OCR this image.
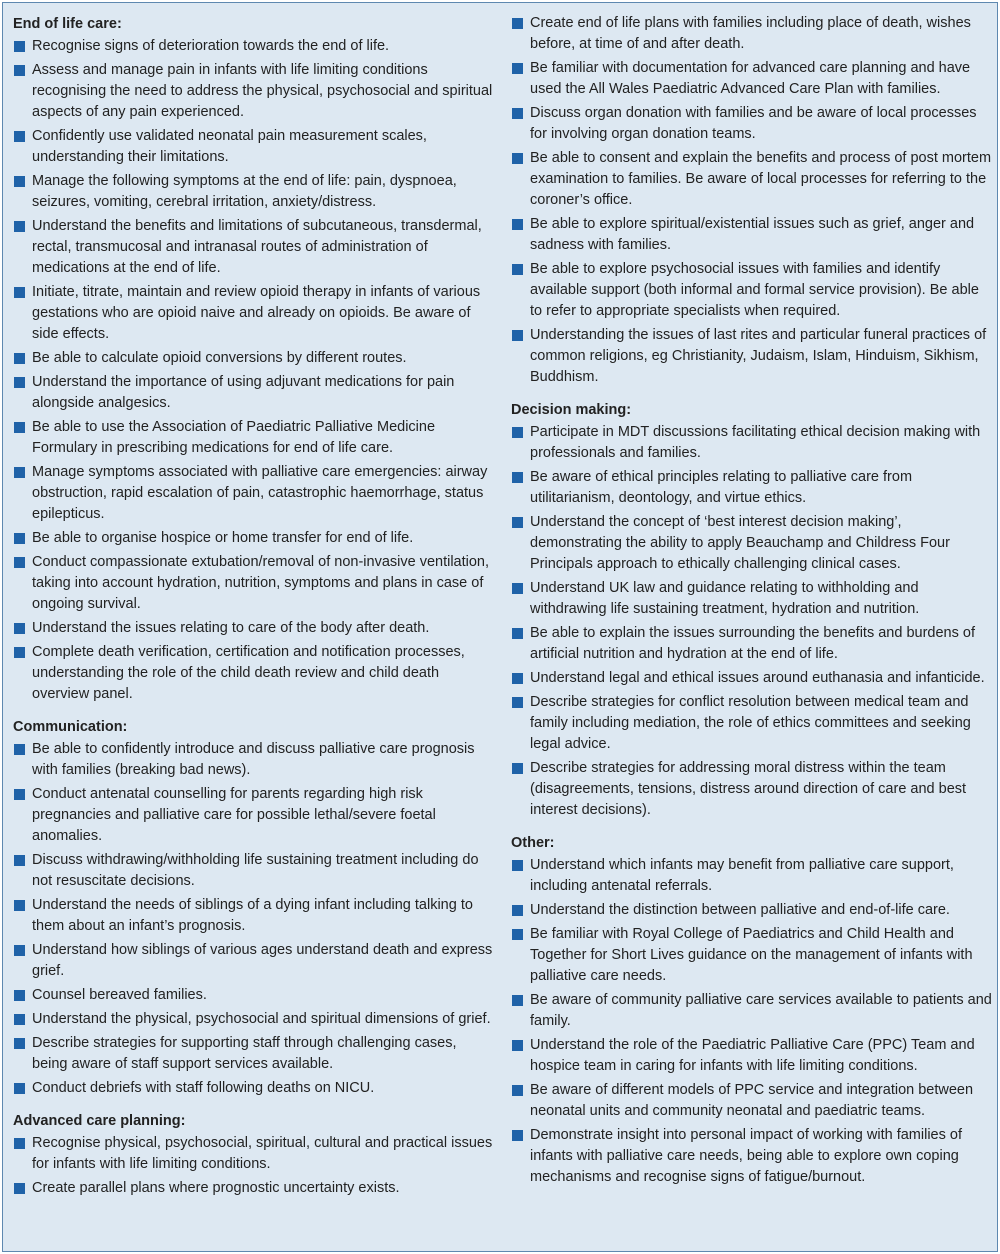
End of life care:
Recognise signs of deterioration towards the end of life.
Assess and manage pain in infants with life limiting conditions recognising the need to address the physical, psychosocial and spiritual aspects of any pain experienced.
Confidently use validated neonatal pain measurement scales, understanding their limitations.
Manage the following symptoms at the end of life: pain, dyspnoea, seizures, vomiting, cerebral irritation, anxiety/distress.
Understand the benefits and limitations of subcutaneous, transdermal, rectal, transmucosal and intranasal routes of administration of medications at the end of life.
Initiate, titrate, maintain and review opioid therapy in infants of various gestations who are opioid naive and already on opioids. Be aware of side effects.
Be able to calculate opioid conversions by different routes.
Understand the importance of using adjuvant medications for pain alongside analgesics.
Be able to use the Association of Paediatric Palliative Medicine Formulary in prescribing medications for end of life care.
Manage symptoms associated with palliative care emergencies: airway obstruction, rapid escalation of pain, catastrophic haemorrhage, status epilepticus.
Be able to organise hospice or home transfer for end of life.
Conduct compassionate extubation/removal of non-invasive ventilation, taking into account hydration, nutrition, symptoms and plans in case of ongoing survival.
Understand the issues relating to care of the body after death.
Complete death verification, certification and notification processes, understanding the role of the child death review and child death overview panel.
Communication:
Be able to confidently introduce and discuss palliative care prognosis with families (breaking bad news).
Conduct antenatal counselling for parents regarding high risk pregnancies and palliative care for possible lethal/severe foetal anomalies.
Discuss withdrawing/withholding life sustaining treatment including do not resuscitate decisions.
Understand the needs of siblings of a dying infant including talking to them about an infant’s prognosis.
Understand how siblings of various ages understand death and express grief.
Counsel bereaved families.
Understand the physical, psychosocial and spiritual dimensions of grief.
Describe strategies for supporting staff through challenging cases, being aware of staff support services available.
Conduct debriefs with staff following deaths on NICU.
Advanced care planning:
Recognise physical, psychosocial, spiritual, cultural and practical issues for infants with life limiting conditions.
Create parallel plans where prognostic uncertainty exists.
Create end of life plans with families including place of death, wishes before, at time of and after death.
Be familiar with documentation for advanced care planning and have used the All Wales Paediatric Advanced Care Plan with families.
Discuss organ donation with families and be aware of local processes for involving organ donation teams.
Be able to consent and explain the benefits and process of post mortem examination to families. Be aware of local processes for referring to the coroner’s office.
Be able to explore spiritual/existential issues such as grief, anger and sadness with families.
Be able to explore psychosocial issues with families and identify available support (both informal and formal service provision). Be able to refer to appropriate specialists when required.
Understanding the issues of last rites and particular funeral practices of common religions, eg Christianity, Judaism, Islam, Hinduism, Sikhism, Buddhism.
Decision making:
Participate in MDT discussions facilitating ethical decision making with professionals and families.
Be aware of ethical principles relating to palliative care from utilitarianism, deontology, and virtue ethics.
Understand the concept of ‘best interest decision making’, demonstrating the ability to apply Beauchamp and Childress Four Principals approach to ethically challenging clinical cases.
Understand UK law and guidance relating to withholding and withdrawing life sustaining treatment, hydration and nutrition.
Be able to explain the issues surrounding the benefits and burdens of artificial nutrition and hydration at the end of life.
Understand legal and ethical issues around euthanasia and infanticide.
Describe strategies for conflict resolution between medical team and family including mediation, the role of ethics committees and seeking legal advice.
Describe strategies for addressing moral distress within the team (disagreements, tensions, distress around direction of care and best interest decisions).
Other:
Understand which infants may benefit from palliative care support, including antenatal referrals.
Understand the distinction between palliative and end-of-life care.
Be familiar with Royal College of Paediatrics and Child Health and Together for Short Lives guidance on the management of infants with palliative care needs.
Be aware of community palliative care services available to patients and family.
Understand the role of the Paediatric Palliative Care (PPC) Team and hospice team in caring for infants with life limiting conditions.
Be aware of different models of PPC service and integration between neonatal units and community neonatal and paediatric teams.
Demonstrate insight into personal impact of working with families of infants with palliative care needs, being able to explore own coping mechanisms and recognise signs of fatigue/burnout.
